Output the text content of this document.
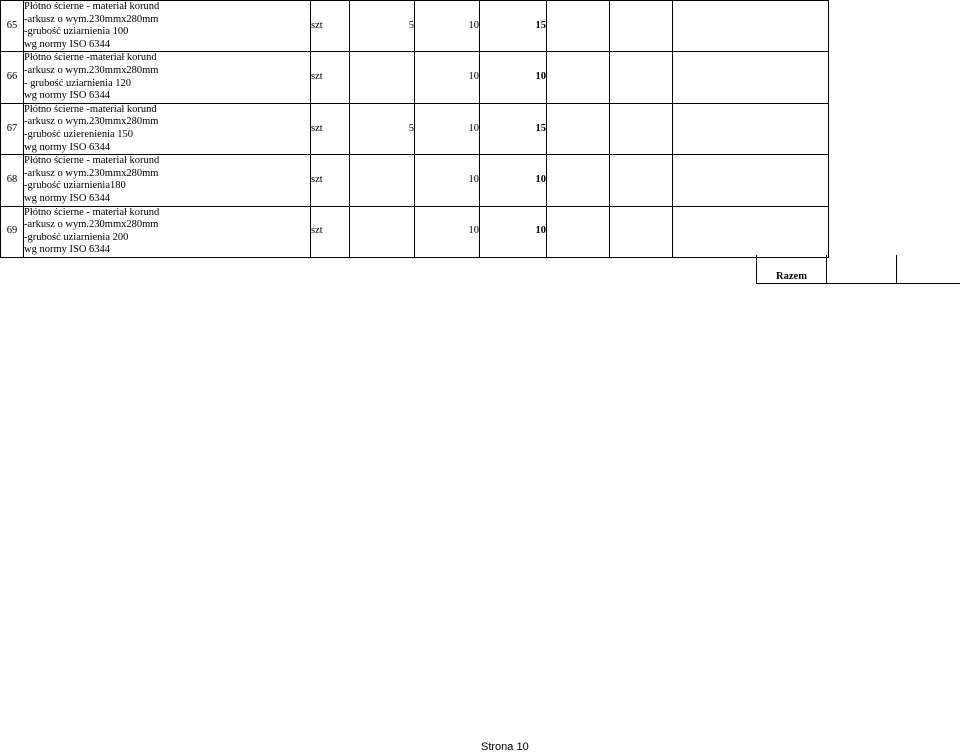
65	Płótno ścierne - materiał korund
-arkusz o wym.230mmx280mm
-grubość uziarnienia 100
wg normy ISO 6344	szt	5	10	15			
66	Płótno ścierne -materiał korund
-arkusz o wym.230mmx280mm
- grubość uziarnienia 120
wg normy ISO 6344	szt		10	10			
67	Płótno ścierne -materiał korund
-arkusz o wym.230mmx280mm
-grubość uzierenienia 150
wg normy ISO 6344	szt	5	10	15			
68	Płótno ścierne - materiał korund
-arkusz o wym.230mmx280mm
-grubość uziarnienia180
wg normy ISO 6344	szt		10	10			
69	Płótno ścierne - materiał korund
-arkusz o wym.230mmx280mm
-grubość uziarnienia 200
wg normy ISO 6344	szt		10	10			
Razem
Strona 10
